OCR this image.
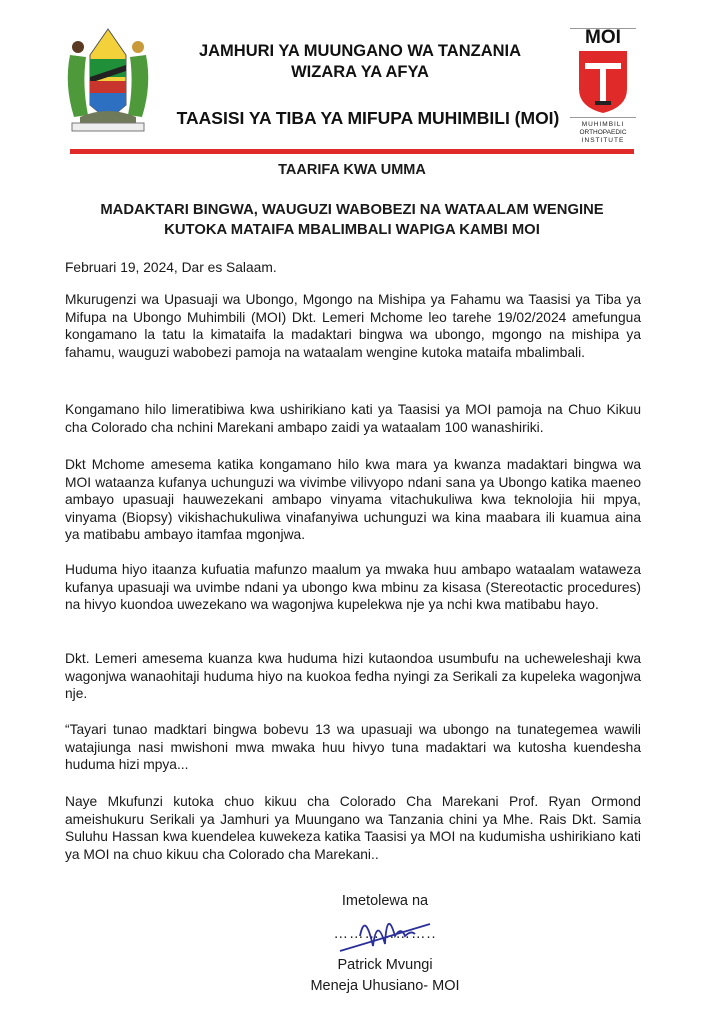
JAMHURI YA MUUNGANO WA TANZANIA
WIZARA YA AFYA
TAASISI YA TIBA YA MIFUPA MUHIMBILI (MOI)
MOI
MUHIMBILI
ORTHOPAEDIC
INSTITUTE
TAARIFA KWA UMMA
MADAKTARI BINGWA, WAUGUZI WABOBEZI NA WATAALAM WENGINE
KUTOKA MATAIFA MBALIMBALI WAPIGA KAMBI MOI
Februari 19, 2024, Dar es Salaam.
Mkurugenzi wa Upasuaji wa Ubongo, Mgongo na Mishipa ya Fahamu wa Taasisi ya Tiba ya Mifupa na Ubongo Muhimbili (MOI) Dkt. Lemeri Mchome leo tarehe 19/02/2024 amefungua kongamano la tatu la kimataifa la madaktari bingwa wa ubongo, mgongo na mishipa ya fahamu, wauguzi wabobezi pamoja na wataalam wengine kutoka mataifa mbalimbali.
Kongamano hilo limeratibiwa kwa ushirikiano kati ya Taasisi ya MOI pamoja na Chuo Kikuu cha Colorado cha nchini Marekani ambapo zaidi ya wataalam 100 wanashiriki.
Dkt Mchome amesema katika kongamano hilo kwa mara ya kwanza madaktari bingwa wa MOI wataanza kufanya uchunguzi wa vivimbe vilivyopo ndani sana ya Ubongo katika maeneo ambayo upasuaji hauwezekani ambapo vinyama vitachukuliwa kwa teknolojia hii mpya, vinyama (Biopsy) vikishachukuliwa vinafanyiwa uchunguzi wa kina maabara ili kuamua aina ya matibabu ambayo itamfaa mgonjwa.
Huduma hiyo itaanza kufuatia mafunzo maalum ya mwaka huu ambapo wataalam wataweza kufanya upasuaji wa uvimbe ndani ya ubongo kwa mbinu za kisasa (Stereotactic procedures) na hivyo kuondoa uwezekano wa wagonjwa kupelekwa nje ya nchi kwa matibabu hayo.
Dkt. Lemeri amesema kuanza kwa huduma hizi kutaondoa usumbufu na ucheweleshaji kwa wagonjwa wanaohitaji huduma hiyo na kuokoa fedha nyingi za Serikali za kupeleka wagonjwa nje.
“Tayari tunao madktari bingwa bobevu 13 wa upasuaji wa ubongo na tunategemea wawili watajiunga nasi mwishoni mwa mwaka huu hivyo tuna madaktari wa kutosha kuendesha huduma hizi mpya...
Naye Mkufunzi kutoka chuo kikuu cha Colorado Cha Marekani Prof. Ryan Ormond ameishukuru Serikali ya Jamhuri ya Muungano wa Tanzania chini ya Mhe. Rais Dkt. Samia Suluhu Hassan kwa kuendelea kuwekeza katika Taasisi ya MOI na kudumisha ushirikiano kati ya MOI na chuo kikuu cha Colorado cha Marekani..
Imetolewa na
………………..
Patrick Mvungi
Meneja Uhusiano- MOI
